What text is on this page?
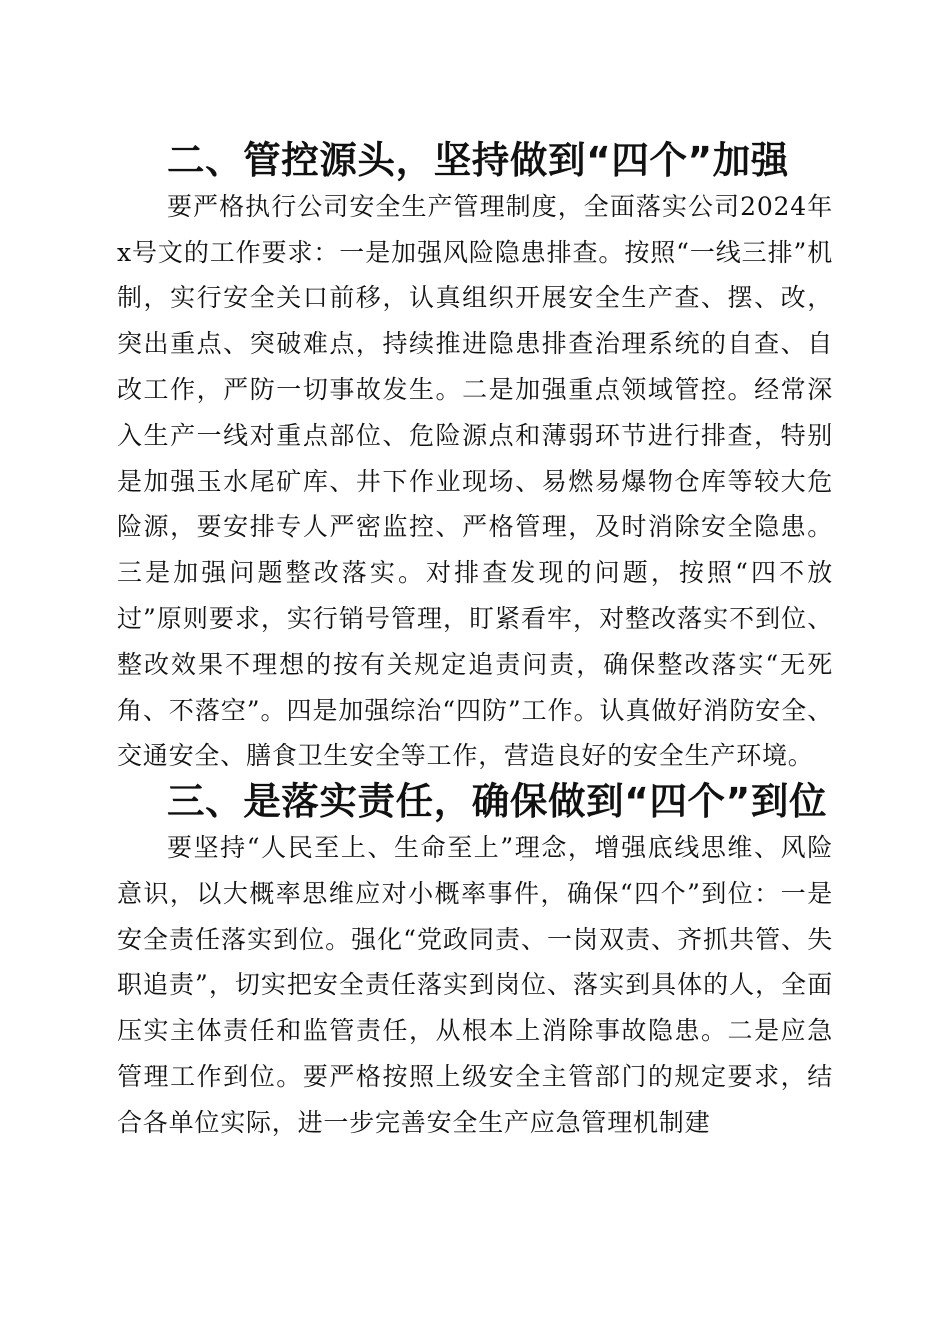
二、管控源头，坚持做到“四个”加强

要严格执行公司安全生产管理制度，全面落实公司2024年x号文的工作要求：一是加强风险隐患排查。按照“一线三排”机制，实行安全关口前移，认真组织开展安全生产查、摆、改，突出重点、突破难点，持续推进隐患排查治理系统的自查、自改工作，严防一切事故发生。二是加强重点领域管控。经常深入生产一线对重点部位、危险源点和薄弱环节进行排查，特别是加强玉水尾矿库、井下作业现场、易燃易爆物仓库等较大危险源，要安排专人严密监控、严格管理，及时消除安全隐患。三是加强问题整改落实。对排查发现的问题，按照“四不放过”原则要求，实行销号管理，盯紧看牢，对整改落实不到位、整改效果不理想的按有关规定追责问责，确保整改落实“无死角、不落空”。四是加强综治“四防”工作。认真做好消防安全、交通安全、膳食卫生安全等工作，营造良好的安全生产环境。

三、是落实责任，确保做到“四个”到位

要坚持“人民至上、生命至上”理念，增强底线思维、风险意识，以大概率思维应对小概率事件，确保“四个”到位：一是安全责任落实到位。强化“党政同责、一岗双责、齐抓共管、失职追责”，切实把安全责任落实到岗位、落实到具体的人，全面压实主体责任和监管责任，从根本上消除事故隐患。二是应急管理工作到位。要严格按照上级安全主管部门的规定要求，结合各单位实际，进一步完善安全生产应急管理机制建
